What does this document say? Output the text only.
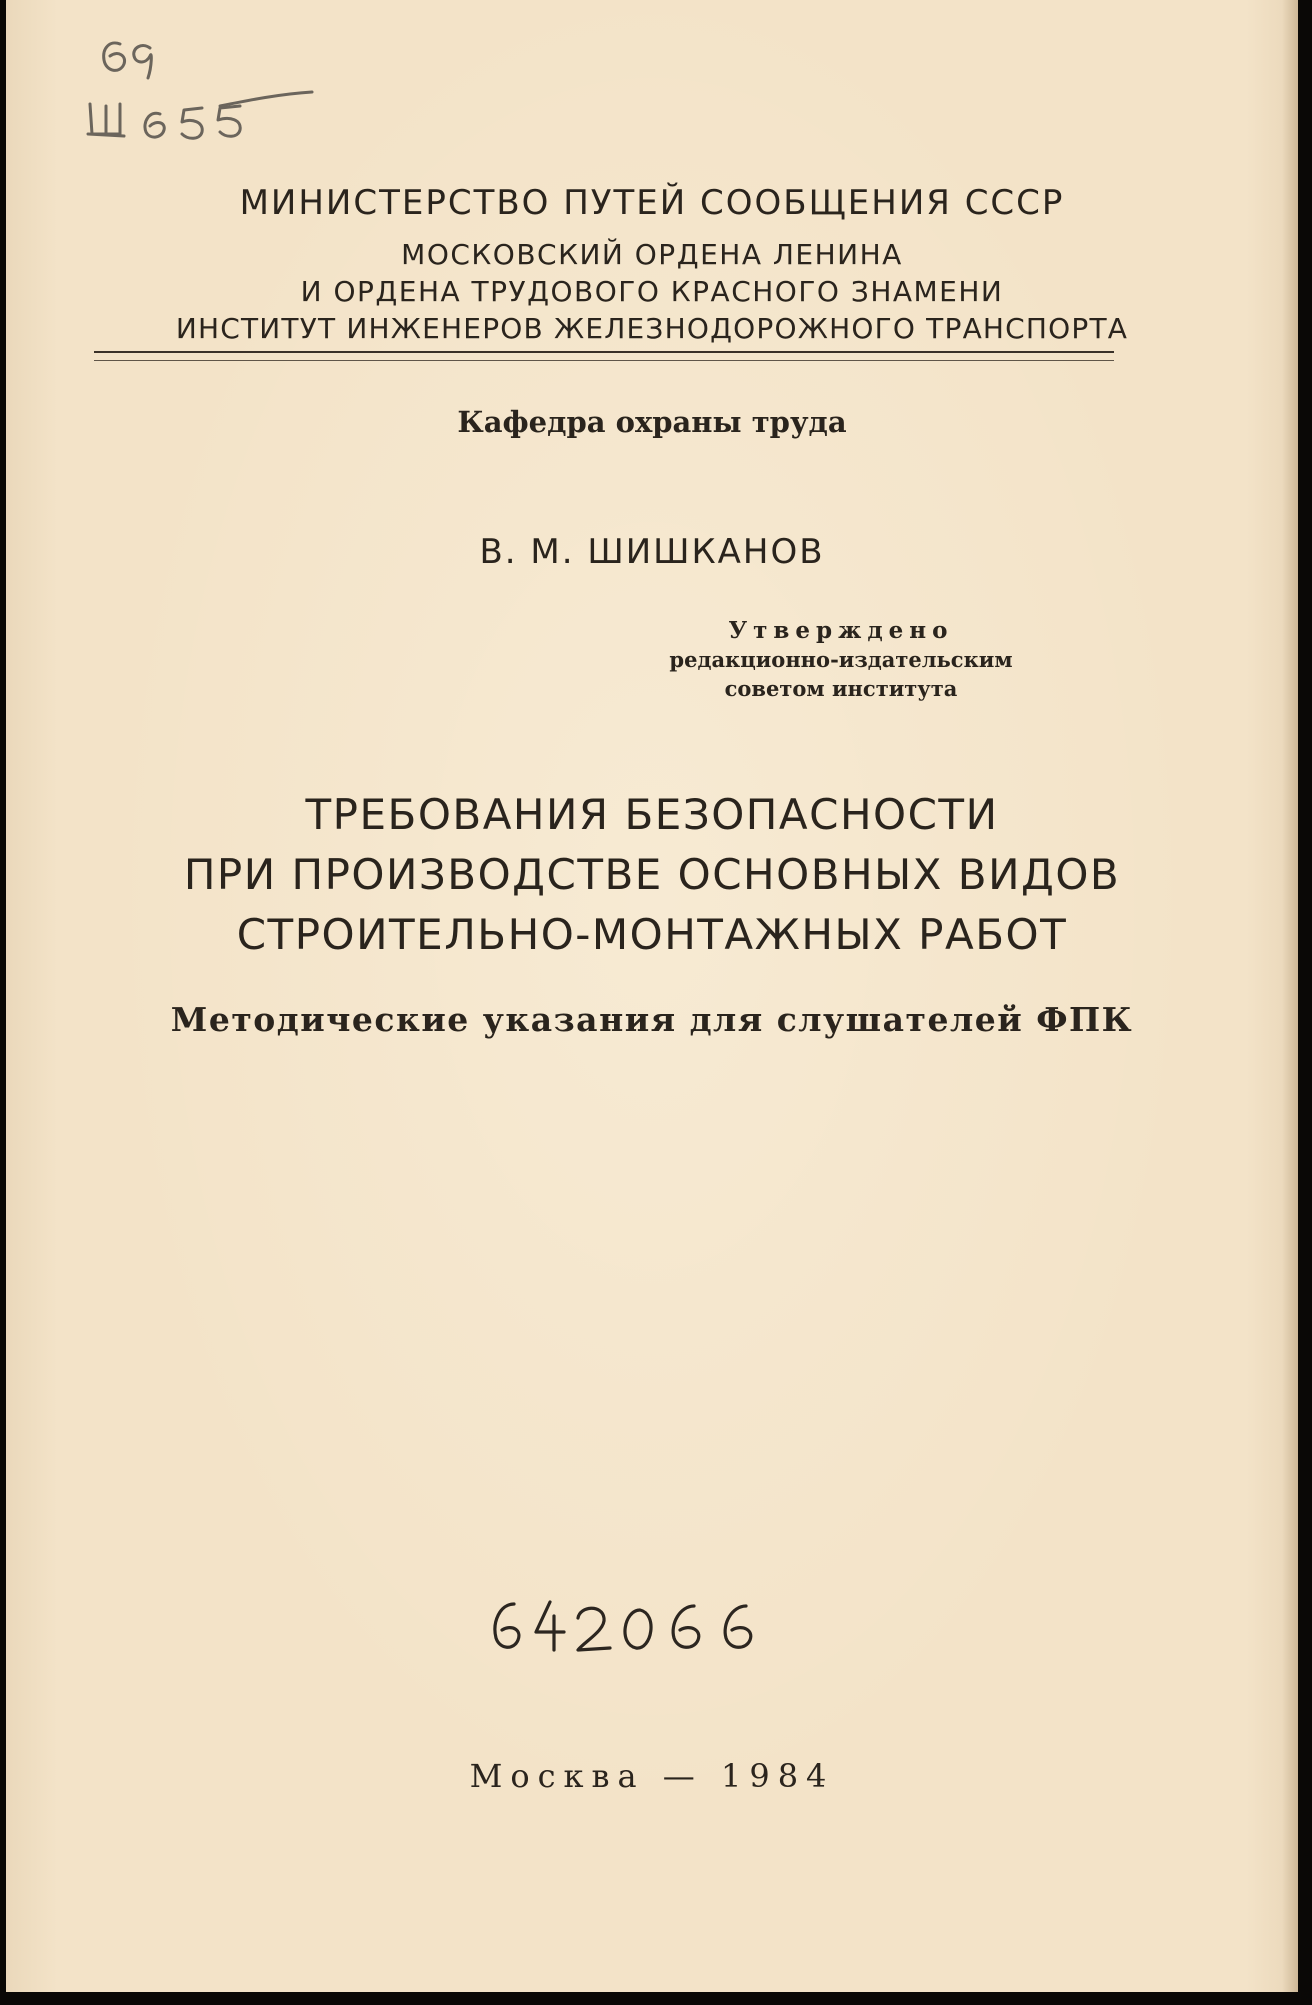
МИНИСТЕРСТВО ПУТЕЙ СООБЩЕНИЯ СССР
МОСКОВСКИЙ ОРДЕНА ЛЕНИНА
И ОРДЕНА ТРУДОВОГО КРАСНОГО ЗНАМЕНИ
ИНСТИТУТ ИНЖЕНЕРОВ ЖЕЛЕЗНОДОРОЖНОГО ТРАНСПОРТА
Кафедра охраны труда
В. М. ШИШКАНОВ
Утверждено
редакционно-издательским
советом института
ТРЕБОВАНИЯ БЕЗОПАСНОСТИ
ПРИ ПРОИЗВОДСТВЕ ОСНОВНЫХ ВИДОВ
СТРОИТЕЛЬНО-МОНТАЖНЫХ РАБОТ
Методические указания для слушателей ФПК
Москва — 1984
